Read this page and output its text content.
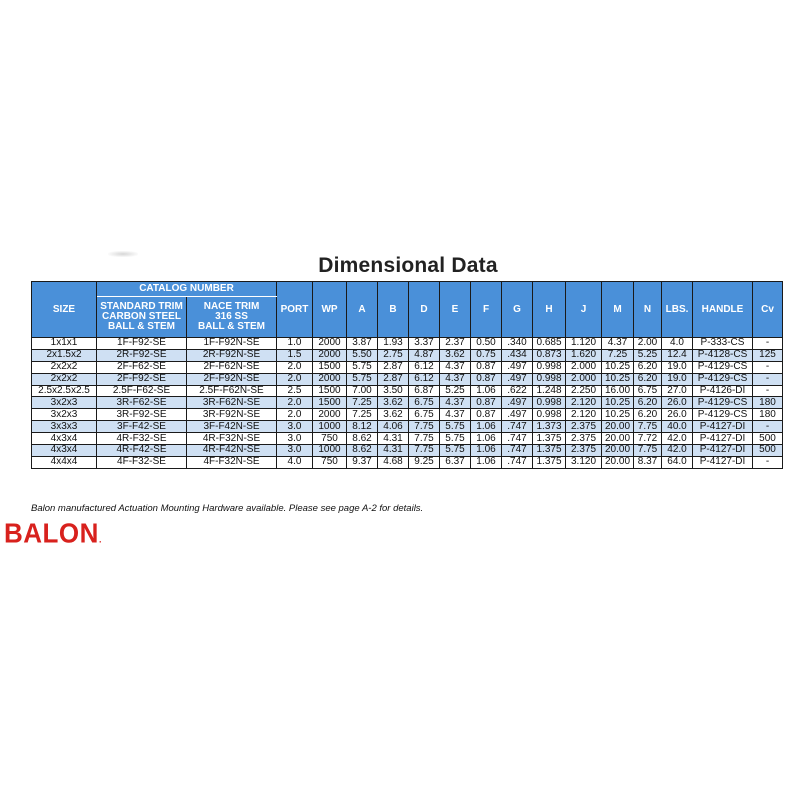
Dimensional Data
SIZE	CATALOG NUMBER		PORT	WP	A	B	D	E	F	G	H	J	M	N	LBS.	HANDLE	Cv
	STANDARD TRIM
CARBON STEEL
BALL & STEM	NACE TRIM
316 SS
BALL & STEM															
1x1x1	1F-F92-SE	1F-F92N-SE	1.0	2000	3.87	1.93	3.37	2.37	0.50	.340	0.685	1.120	4.37	2.00	4.0	P-333-CS	-
2x1.5x2	2R-F92-SE	2R-F92N-SE	1.5	2000	5.50	2.75	4.87	3.62	0.75	.434	0.873	1.620	7.25	5.25	12.4	P-4128-CS	125
2x2x2	2F-F62-SE	2F-F62N-SE	2.0	1500	5.75	2.87	6.12	4.37	0.87	.497	0.998	2.000	10.25	6.20	19.0	P-4129-CS	-
2x2x2	2F-F92-SE	2F-F92N-SE	2.0	2000	5.75	2.87	6.12	4.37	0.87	.497	0.998	2.000	10.25	6.20	19.0	P-4129-CS	-
2.5x2.5x2.5	2.5F-F62-SE	2.5F-F62N-SE	2.5	1500	7.00	3.50	6.87	5.25	1.06	.622	1.248	2.250	16.00	6.75	27.0	P-4126-DI	-
3x2x3	3R-F62-SE	3R-F62N-SE	2.0	1500	7.25	3.62	6.75	4.37	0.87	.497	0.998	2.120	10.25	6.20	26.0	P-4129-CS	180
3x2x3	3R-F92-SE	3R-F92N-SE	2.0	2000	7.25	3.62	6.75	4.37	0.87	.497	0.998	2.120	10.25	6.20	26.0	P-4129-CS	180
3x3x3	3F-F42-SE	3F-F42N-SE	3.0	1000	8.12	4.06	7.75	5.75	1.06	.747	1.373	2.375	20.00	7.75	40.0	P-4127-DI	-
4x3x4	4R-F32-SE	4R-F32N-SE	3.0	750	8.62	4.31	7.75	5.75	1.06	.747	1.375	2.375	20.00	7.72	42.0	P-4127-DI	500
4x3x4	4R-F42-SE	4R-F42N-SE	3.0	1000	8.62	4.31	7.75	5.75	1.06	.747	1.375	2.375	20.00	7.75	42.0	P-4127-DI	500
4x4x4	4F-F32-SE	4F-F32N-SE	4.0	750	9.37	4.68	9.25	6.37	1.06	.747	1.375	3.120	20.00	8.37	64.0	P-4127-DI	-
Balon manufactured Actuation Mounting Hardware available. Please see page A-2 for details.
BALON.
